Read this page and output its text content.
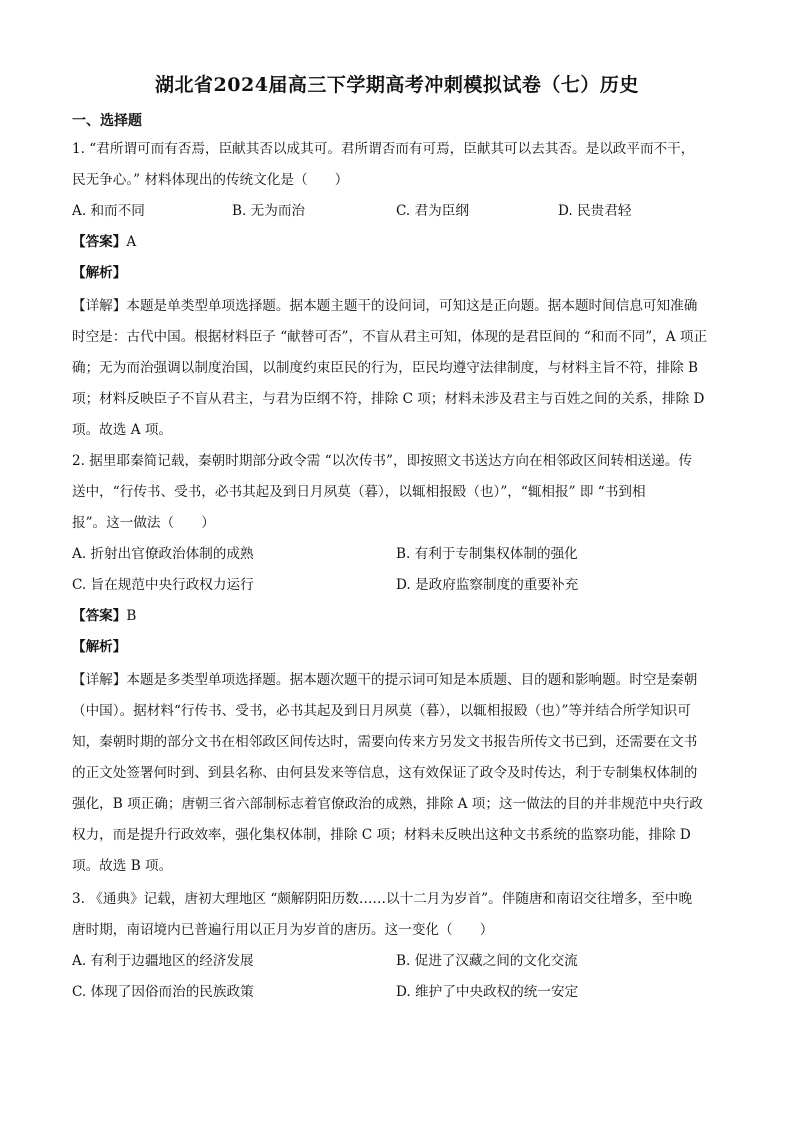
湖北省2024届高三下学期高考冲刺模拟试卷（七）历史
一、选择题
1. “君所谓可而有否焉，臣献其否以成其可。君所谓否而有可焉，臣献其可以去其否。是以政平而不干，
民无争心。” 材料体现出的传统文化是（　　）
A. 和而不同	B. 无为而治	C. 君为臣纲	D. 民贵君轻
【答案】A
【解析】
【详解】本题是单类型单项选择题。据本题主题干的设问词，可知这是正向题。据本题时间信息可知准确
时空是：古代中国。根据材料臣子 “献替可否”，不盲从君主可知，体现的是君臣间的 “和而不同”，A 项正
确；无为而治强调以制度治国，以制度约束臣民的行为，臣民均遵守法律制度，与材料主旨不符，排除 B
项；材料反映臣子不盲从君主，与君为臣纲不符，排除 C 项；材料未涉及君主与百姓之间的关系，排除 D
项。故选 A 项。
2. 据里耶秦简记载，秦朝时期部分政令需 “以次传书”，即按照文书送达方向在相邻政区间转相送递。传
送中，“行传书、受书，必书其起及到日月夙莫（暮），以辄相报殹（也）”，“辄相报” 即 “书到相
报”。这一做法（　　）
A. 折射出官僚政治体制的成熟	B. 有利于专制集权体制的强化
C. 旨在规范中央行政权力运行	D. 是政府监察制度的重要补充
【答案】B
【解析】
【详解】本题是多类型单项选择题。据本题次题干的提示词可知是本质题、目的题和影响题。时空是秦朝
（中国）。据材料“行传书、受书，必书其起及到日月夙莫（暮），以辄相报殹（也）”等并结合所学知识可
知，秦朝时期的部分文书在相邻政区间传达时，需要向传来方另发文书报告所传文书已到，还需要在文书
的正文处签署何时到、到县名称、由何县发来等信息，这有效保证了政令及时传达，利于专制集权体制的
强化，B 项正确；唐朝三省六部制标志着官僚政治的成熟，排除 A 项；这一做法的目的并非规范中央行政
权力，而是提升行政效率，强化集权体制，排除 C 项；材料未反映出这种文书系统的监察功能，排除 D
项。故选 B 项。
3. 《通典》记载，唐初大理地区 “颇解阴阳历数……以十二月为岁首”。伴随唐和南诏交往增多，至中晚
唐时期，南诏境内已普遍行用以正月为岁首的唐历。这一变化（　　）
A. 有利于边疆地区的经济发展	B. 促进了汉藏之间的文化交流
C. 体现了因俗而治的民族政策	D. 维护了中央政权的统一安定
